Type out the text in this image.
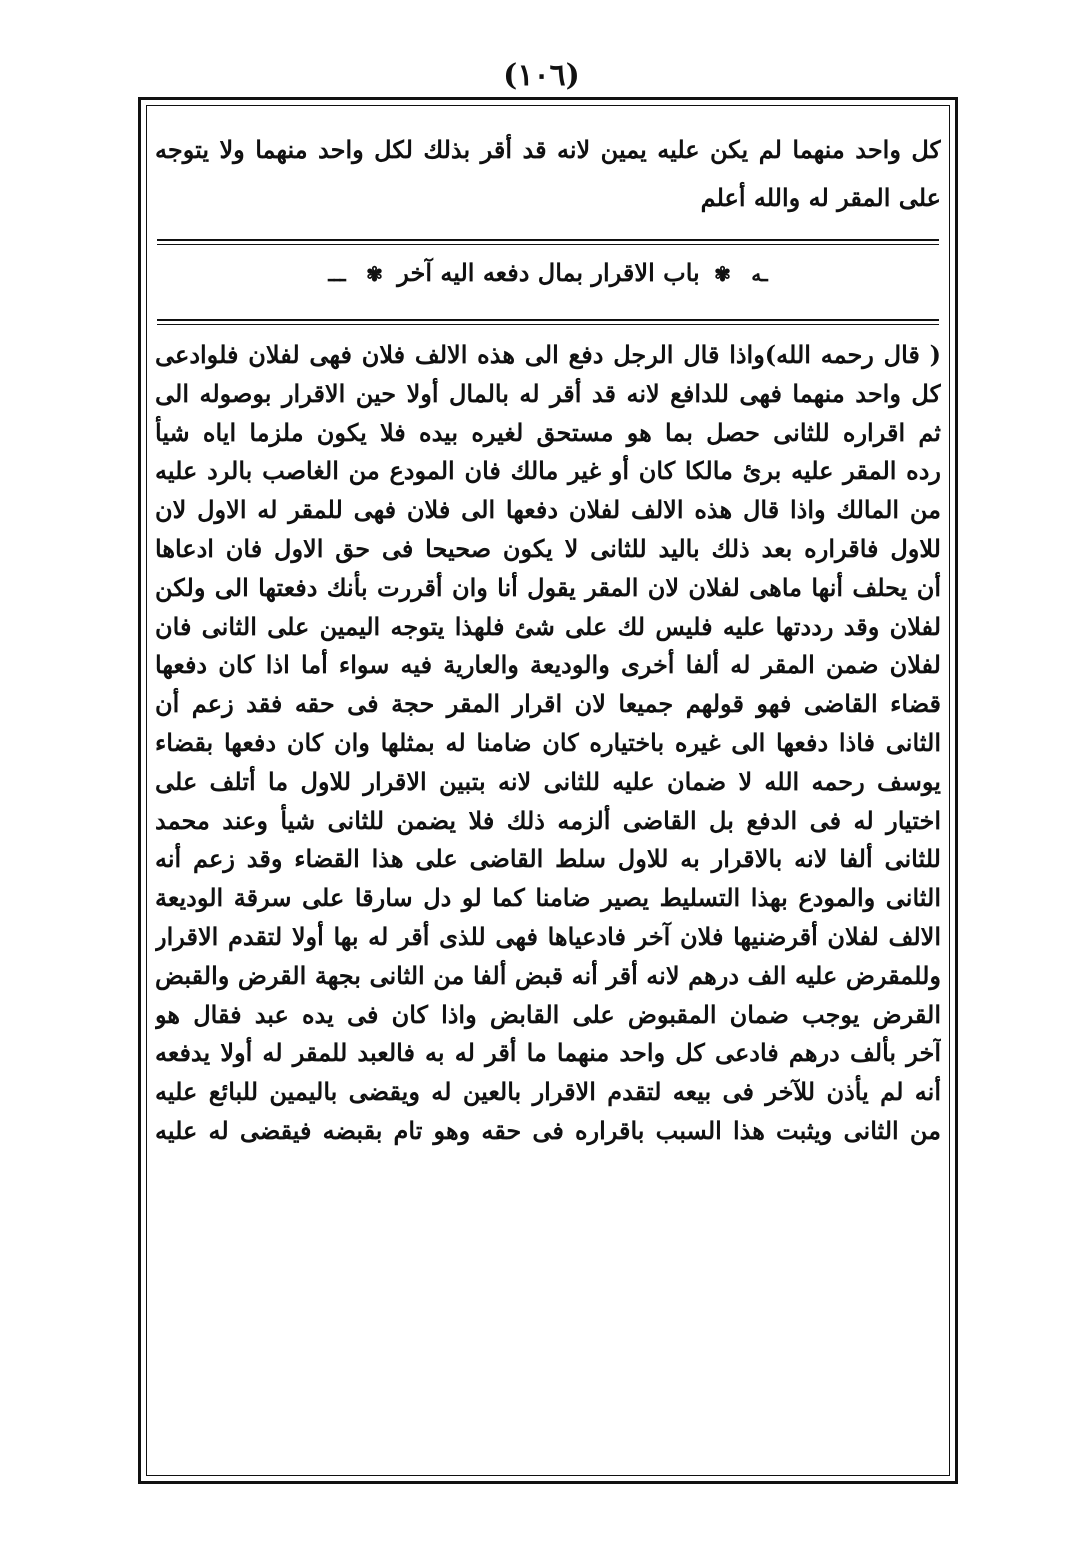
(١٠٦)
كل واحد منهما لم يكن عليه يمين لانه قد أقر بذلك لكل واحد منهما ولا يتوجه
على المقر له والله أعلم
ـه ✾ باب الاقرار بمال دفعه اليه آخر ✾ ـــ
( قال رحمه الله)واذا قال الرجل دفع الى هذه الالف فلان فهى لفلان فلوادعى
كل واحد منهما فهى للدافع لانه قد أقر له بالمال أولا حين الاقرار بوصوله الى
ثم اقراره للثانى حصل بما هو مستحق لغيره بيده فلا يكون ملزما اياه شيأ
رده المقر عليه برئ مالكا كان أو غير مالك فان المودع من الغاصب بالرد عليه
من المالك واذا قال هذه الالف لفلان دفعها الى فلان فهى للمقر له الاول لان
للاول فاقراره بعد ذلك باليد للثانى لا يكون صحيحا فى حق الاول فان ادعاها
أن يحلف أنها ماهى لفلان لان المقر يقول أنا وان أقررت بأنك دفعتها الى ولكن
لفلان وقد رددتها عليه فليس لك على شئ فلهذا يتوجه اليمين على الثانى فان
لفلان ضمن المقر له ألفا أخرى والوديعة والعارية فيه سواء أما اذا كان دفعها
قضاء القاضى فهو قولهم جميعا لان اقرار المقر حجة فى حقه فقد زعم أن
الثانى فاذا دفعها الى غيره باختياره كان ضامنا له بمثلها وان كان دفعها بقضاء
يوسف رحمه الله لا ضمان عليه للثانى لانه بتبين الاقرار للاول ما أتلف على
اختيار له فى الدفع بل القاضى ألزمه ذلك فلا يضمن للثانى شيأ وعند محمد
للثانى ألفا لانه بالاقرار به للاول سلط القاضى على هذا القضاء وقد زعم أنه
الثانى والمودع بهذا التسليط يصير ضامنا كما لو دل سارقا على سرقة الوديعة
الالف لفلان أقرضنيها فلان آخر فادعياها فهى للذى أقر له بها أولا لتقدم الاقرار
وللمقرض عليه الف درهم لانه أقر أنه قبض ألفا من الثانى بجهة القرض والقبض
القرض يوجب ضمان المقبوض على القابض واذا كان فى يده عبد فقال هو
آخر بألف درهم فادعى كل واحد منهما ما أقر له به فالعبد للمقر له أولا يدفعه
أنه لم يأذن للآخر فى بيعه لتقدم الاقرار بالعين له ويقضى باليمين للبائع عليه
من الثانى ويثبت هذا السبب باقراره فى حقه وهو تام بقبضه فيقضى له عليه
